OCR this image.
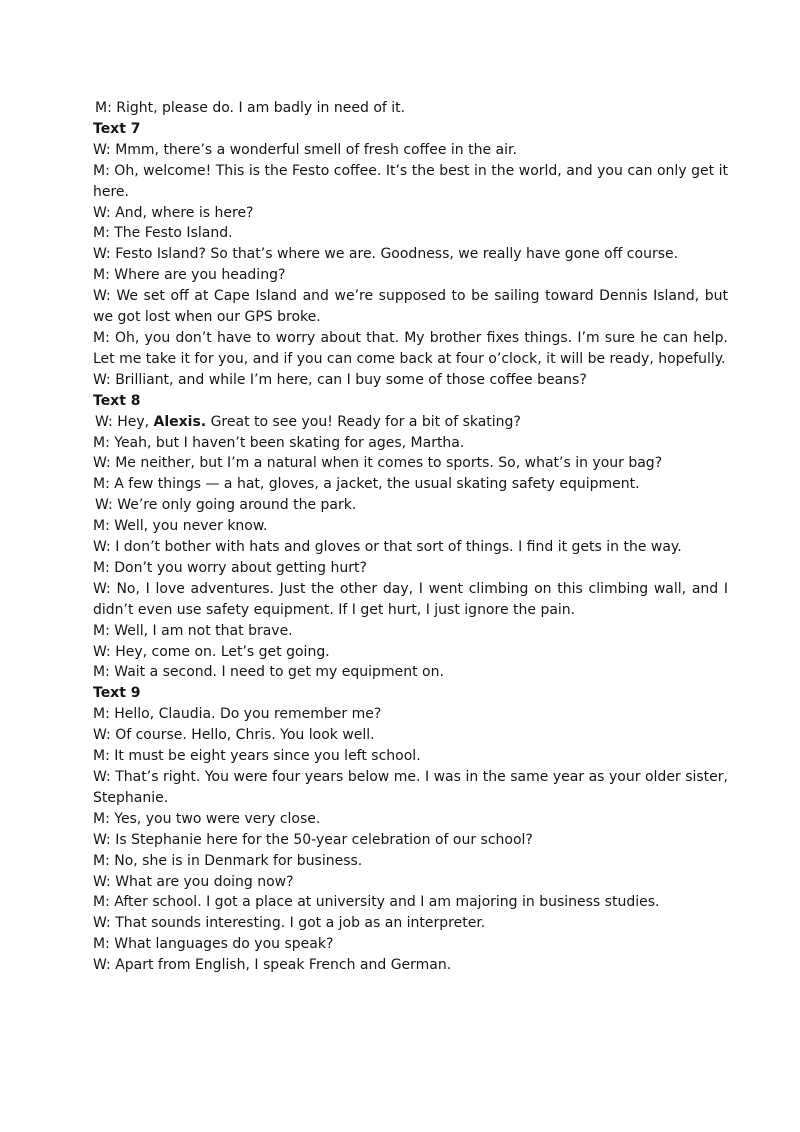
M: Right, please do. I am badly in need of it.
Text 7
W: Mmm, there’s a wonderful smell of fresh coffee in the air.
M: Oh, welcome! This is the Festo coffee. It’s the best in the world, and you can only get it here.
W: And, where is here?
M: The Festo Island.
W: Festo Island? So that’s where we are. Goodness, we really have gone off course.
M: Where are you heading?
W: We set off at Cape Island and we’re supposed to be sailing toward Dennis Island, but we got lost when our GPS broke.
M: Oh, you don’t have to worry about that. My brother fixes things. I’m sure he can help. Let me take it for you, and if you can come back at four o’clock, it will be ready, hopefully.
W: Brilliant, and while I’m here, can I buy some of those coffee beans?
Text 8
W: Hey, Alexis. Great to see you! Ready for a bit of skating?
M: Yeah, but I haven’t been skating for ages, Martha.
W: Me neither, but I’m a natural when it comes to sports. So, what’s in your bag?
M: A few things — a hat, gloves, a jacket, the usual skating safety equipment.
W: We’re only going around the park.
M: Well, you never know.
W: I don’t bother with hats and gloves or that sort of things. I find it gets in the way.
M: Don’t you worry about getting hurt?
W: No, I love adventures. Just the other day, I went climbing on this climbing wall, and I didn’t even use safety equipment. If I get hurt, I just ignore the pain.
M: Well, I am not that brave.
W: Hey, come on. Let’s get going.
M: Wait a second. I need to get my equipment on.
Text 9
M: Hello, Claudia. Do you remember me?
W: Of course. Hello, Chris. You look well.
M: It must be eight years since you left school.
W: That’s right. You were four years below me. I was in the same year as your older sister, Stephanie.
M: Yes, you two were very close.
W: Is Stephanie here for the 50-year celebration of our school?
M: No, she is in Denmark for business.
W: What are you doing now?
M: After school. I got a place at university and I am majoring in business studies.
W: That sounds interesting. I got a job as an interpreter.
M: What languages do you speak?
W: Apart from English, I speak French and German.
